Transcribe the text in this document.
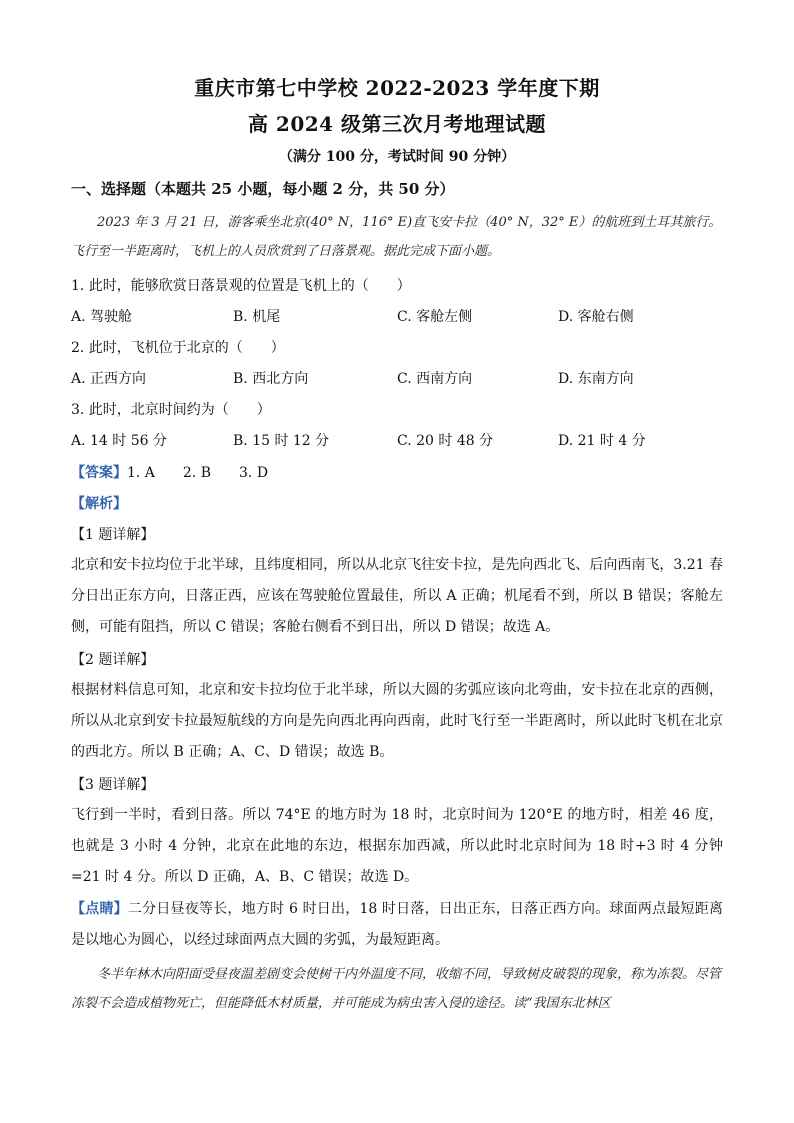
重庆市第七中学校 2022-2023 学年度下期
高 2024 级第三次月考地理试题
（满分 100 分，考试时间 90 分钟）
一、选择题（本题共 25 小题，每小题 2 分，共 50 分）
2023 年 3 月 21 日，游客乘坐北京(40° N，116° E)直飞安卡拉（40° N，32° E）的航班到土耳其旅行。飞行至一半距离时，飞机上的人员欣赏到了日落景观。据此完成下面小题。
1. 此时，能够欣赏日落景观的位置是飞机上的（　　）
A. 驾驶舱	B. 机尾	C. 客舱左侧	D. 客舱右侧
2. 此时，飞机位于北京的（　　）
A. 正西方向	B. 西北方向	C. 西南方向	D. 东南方向
3. 此时，北京时间约为（　　）
A. 14 时 56 分	B. 15 时 12 分	C. 20 时 48 分	D. 21 时 4 分
【答案】1. A　　2. B　　3. D
【解析】
【1 题详解】
北京和安卡拉均位于北半球，且纬度相同，所以从北京飞往安卡拉，是先向西北飞、后向西南飞，3.21 春分日出正东方向，日落正西，应该在驾驶舱位置最佳，所以 A 正确；机尾看不到，所以 B 错误；客舱左侧，可能有阻挡，所以 C 错误；客舱右侧看不到日出，所以 D 错误；故选 A。
【2 题详解】
根据材料信息可知，北京和安卡拉均位于北半球，所以大圆的劣弧应该向北弯曲，安卡拉在北京的西侧，所以从北京到安卡拉最短航线的方向是先向西北再向西南，此时飞行至一半距离时，所以此时飞机在北京的西北方。所以 B 正确；A、C、D 错误；故选 B。
【3 题详解】
飞行到一半时，看到日落。所以 74°E 的地方时为 18 时，北京时间为 120°E 的地方时，相差 46 度，也就是 3 小时 4 分钟，北京在此地的东边，根据东加西减，所以此时北京时间为 18 时+3 时 4 分钟=21 时 4 分。所以 D 正确，A、B、C 错误；故选 D。
【点睛】二分日昼夜等长，地方时 6 时日出，18 时日落，日出正东，日落正西方向。球面两点最短距离是以地心为圆心，以经过球面两点大圆的劣弧，为最短距离。
冬半年林木向阳面受昼夜温差剧变会使树干内外温度不同，收缩不同，导致树皮破裂的现象，称为冻裂。尽管冻裂不会造成植物死亡，但能降低木材质量，并可能成为病虫害入侵的途径。读“我国东北林区
